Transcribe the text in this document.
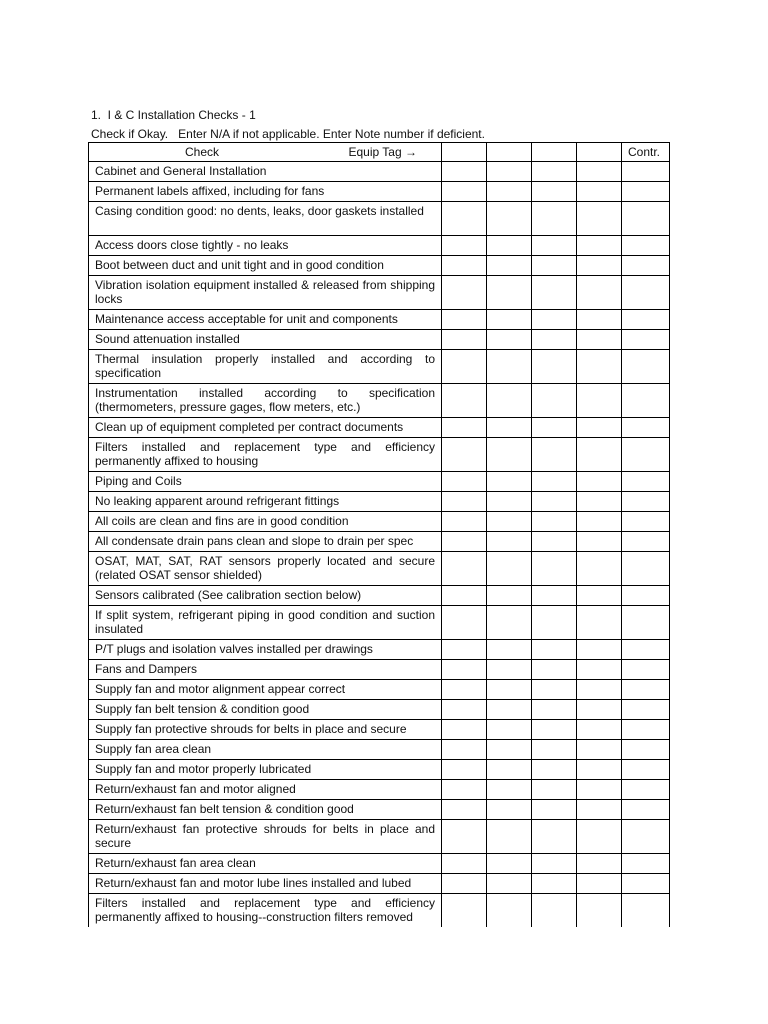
1.  I & C Installation Checks - 1
Check if Okay.   Enter N/A if not applicable. Enter Note number if deficient.
Check Equip Tag →					Contr.
Cabinet and General Installation					
Permanent labels affixed, including for fans					
Casing condition good: no dents, leaks, door gaskets installed					
Access doors close tightly - no leaks					
Boot between duct and unit tight and in good condition					
Vibration isolation equipment installed & released from shipping locks					
Maintenance access acceptable for unit and components					
Sound attenuation installed					
Thermal insulation properly installed and according to specification					
Instrumentation installed according to specification (thermometers, pressure gages, flow meters, etc.)					
Clean up of equipment completed per contract documents					
Filters installed and replacement type and efficiency permanently affixed to housing					
Piping and Coils					
No leaking apparent around refrigerant fittings					
All coils are clean and fins are in good condition					
All condensate drain pans clean and slope to drain per spec					
OSAT, MAT, SAT, RAT sensors properly located and secure (related OSAT sensor shielded)					
Sensors calibrated (See calibration section below)					
If split system, refrigerant piping in good condition and suction insulated					
P/T plugs and isolation valves installed per drawings					
Fans and Dampers					
Supply fan and motor alignment appear correct					
Supply fan belt tension & condition good					
Supply fan protective shrouds for belts in place and secure					
Supply fan area clean					
Supply fan and motor properly lubricated					
Return/exhaust fan and motor aligned					
Return/exhaust fan belt tension & condition good					
Return/exhaust fan protective shrouds for belts in place and secure					
Return/exhaust fan area clean					
Return/exhaust fan and motor lube lines installed and lubed					
Filters installed and replacement type and efficiency permanently affixed to housing--construction filters removed					
